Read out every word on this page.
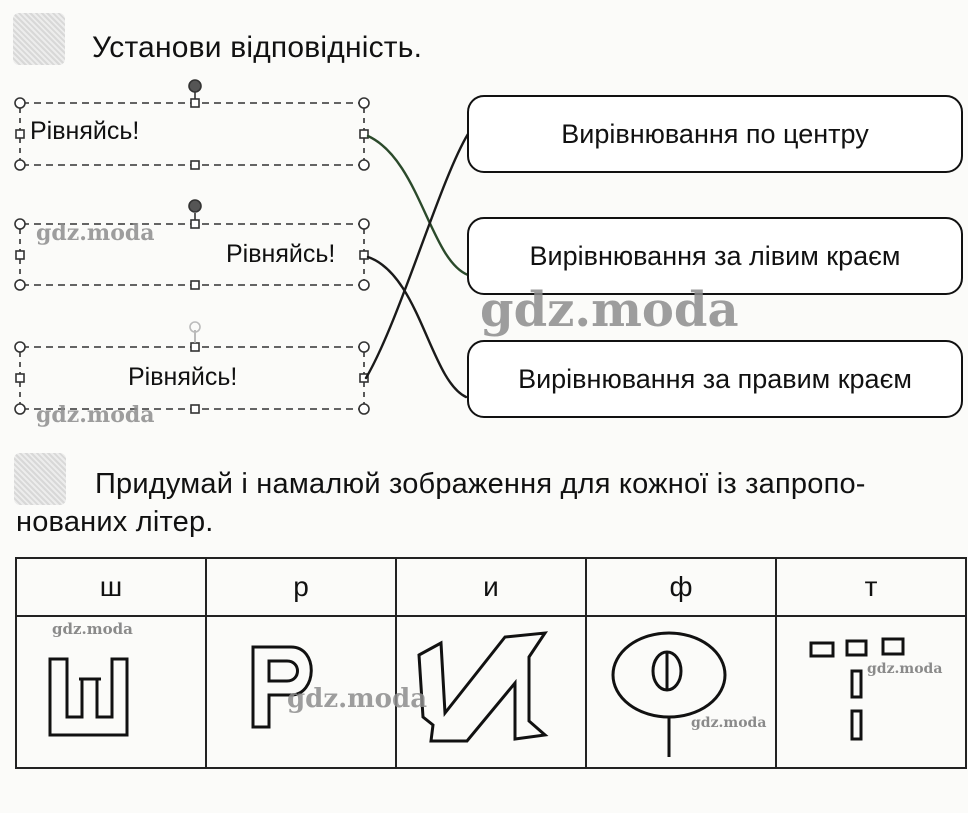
Установи відповідність.
Рівняйсь!
Рівняйсь!
Рівняйсь!
Вирівнювання по центру
Вирівнювання за лівим краєм
Вирівнювання за правим краєм
gdz.moda
gdz.moda
gdz.moda
Придумай і намалюй зображення для кожної із запропо-
нованих літер.
ш	р	и	ф	т

gdz.moda	gdz.moda
gdz.moda
gdz.moda
